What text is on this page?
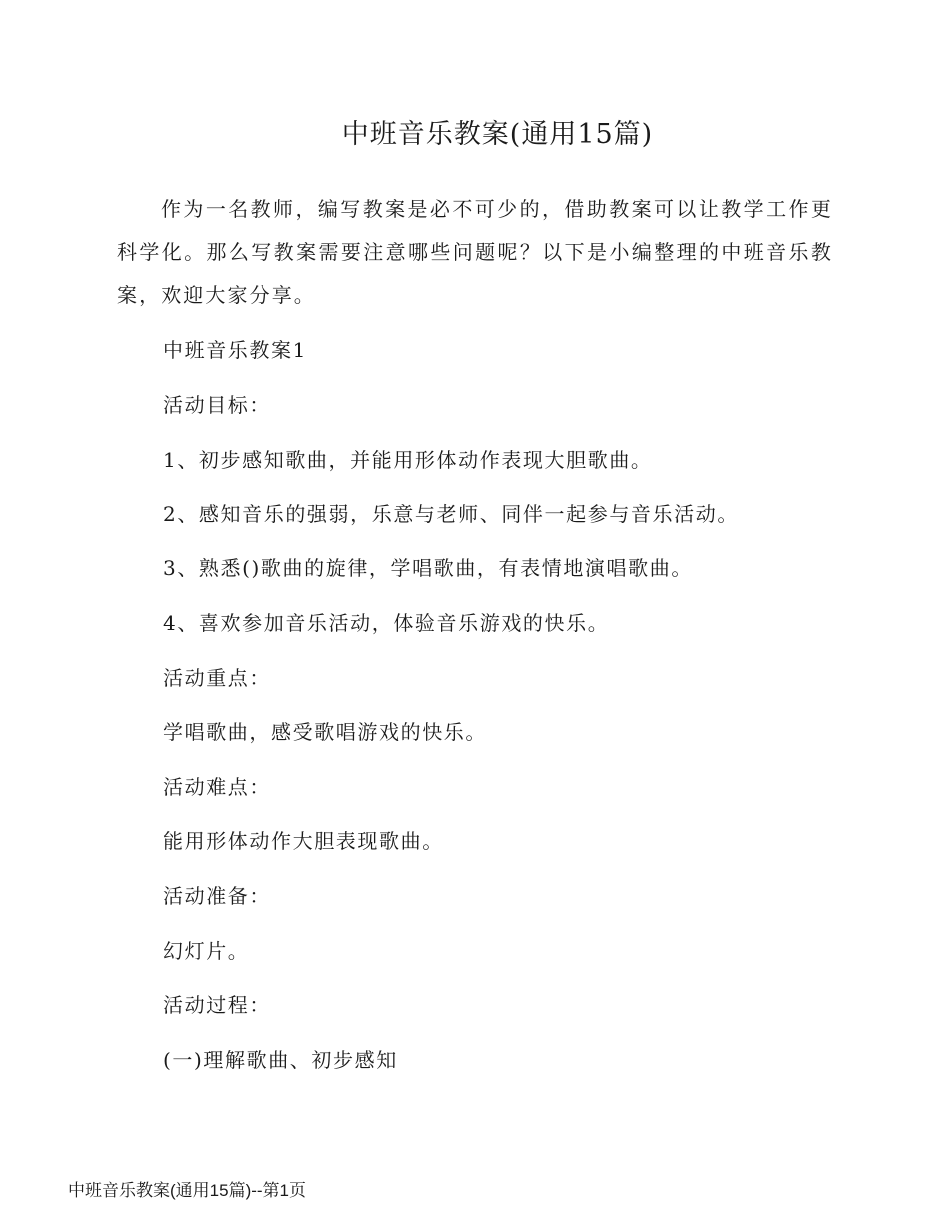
中班音乐教案(通用15篇)

作为一名教师，编写教案是必不可少的，借助教案可以让教学工作更科学化。那么写教案需要注意哪些问题呢？以下是小编整理的中班音乐教案，欢迎大家分享。

中班音乐教案1

活动目标：

1、初步感知歌曲，并能用形体动作表现大胆歌曲。

2、感知音乐的强弱，乐意与老师、同伴一起参与音乐活动。

3、熟悉()歌曲的旋律，学唱歌曲，有表情地演唱歌曲。

4、喜欢参加音乐活动，体验音乐游戏的快乐。

活动重点：

学唱歌曲，感受歌唱游戏的快乐。

活动难点：

能用形体动作大胆表现歌曲。

活动准备：

幻灯片。

活动过程：

(一)理解歌曲、初步感知

中班音乐教案(通用15篇)--第1页
